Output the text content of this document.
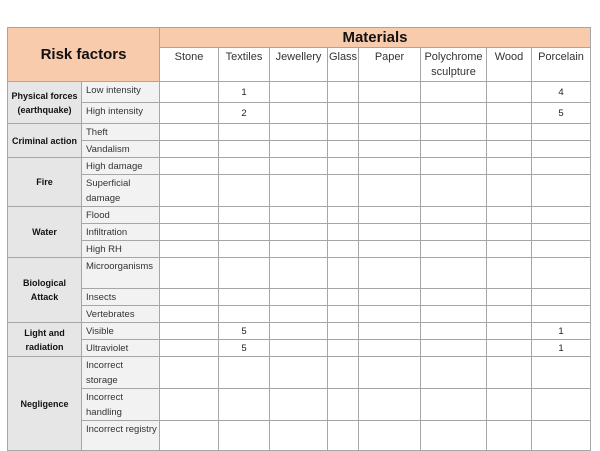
Risk factors		Materials							
		Stone	Textiles	Jewellery	Glass	Paper	Polychrome sculpture	Wood	Porcelain
Physical forces (earthquake)	Low intensity		1						4
	High intensity		2						5
Criminal action	Theft								
	Vandalism								
Fire	High damage								
	Superficial damage								
Water	Flood								
	Infiltration								
	High RH								
Biological Attack	Microorganisms								
	Insects								
	Vertebrates								
Light and radiation	Visible		5						1
	Ultraviolet		5						1
Negligence	Incorrect storage								
	Incorrect handling								
	Incorrect registry								
